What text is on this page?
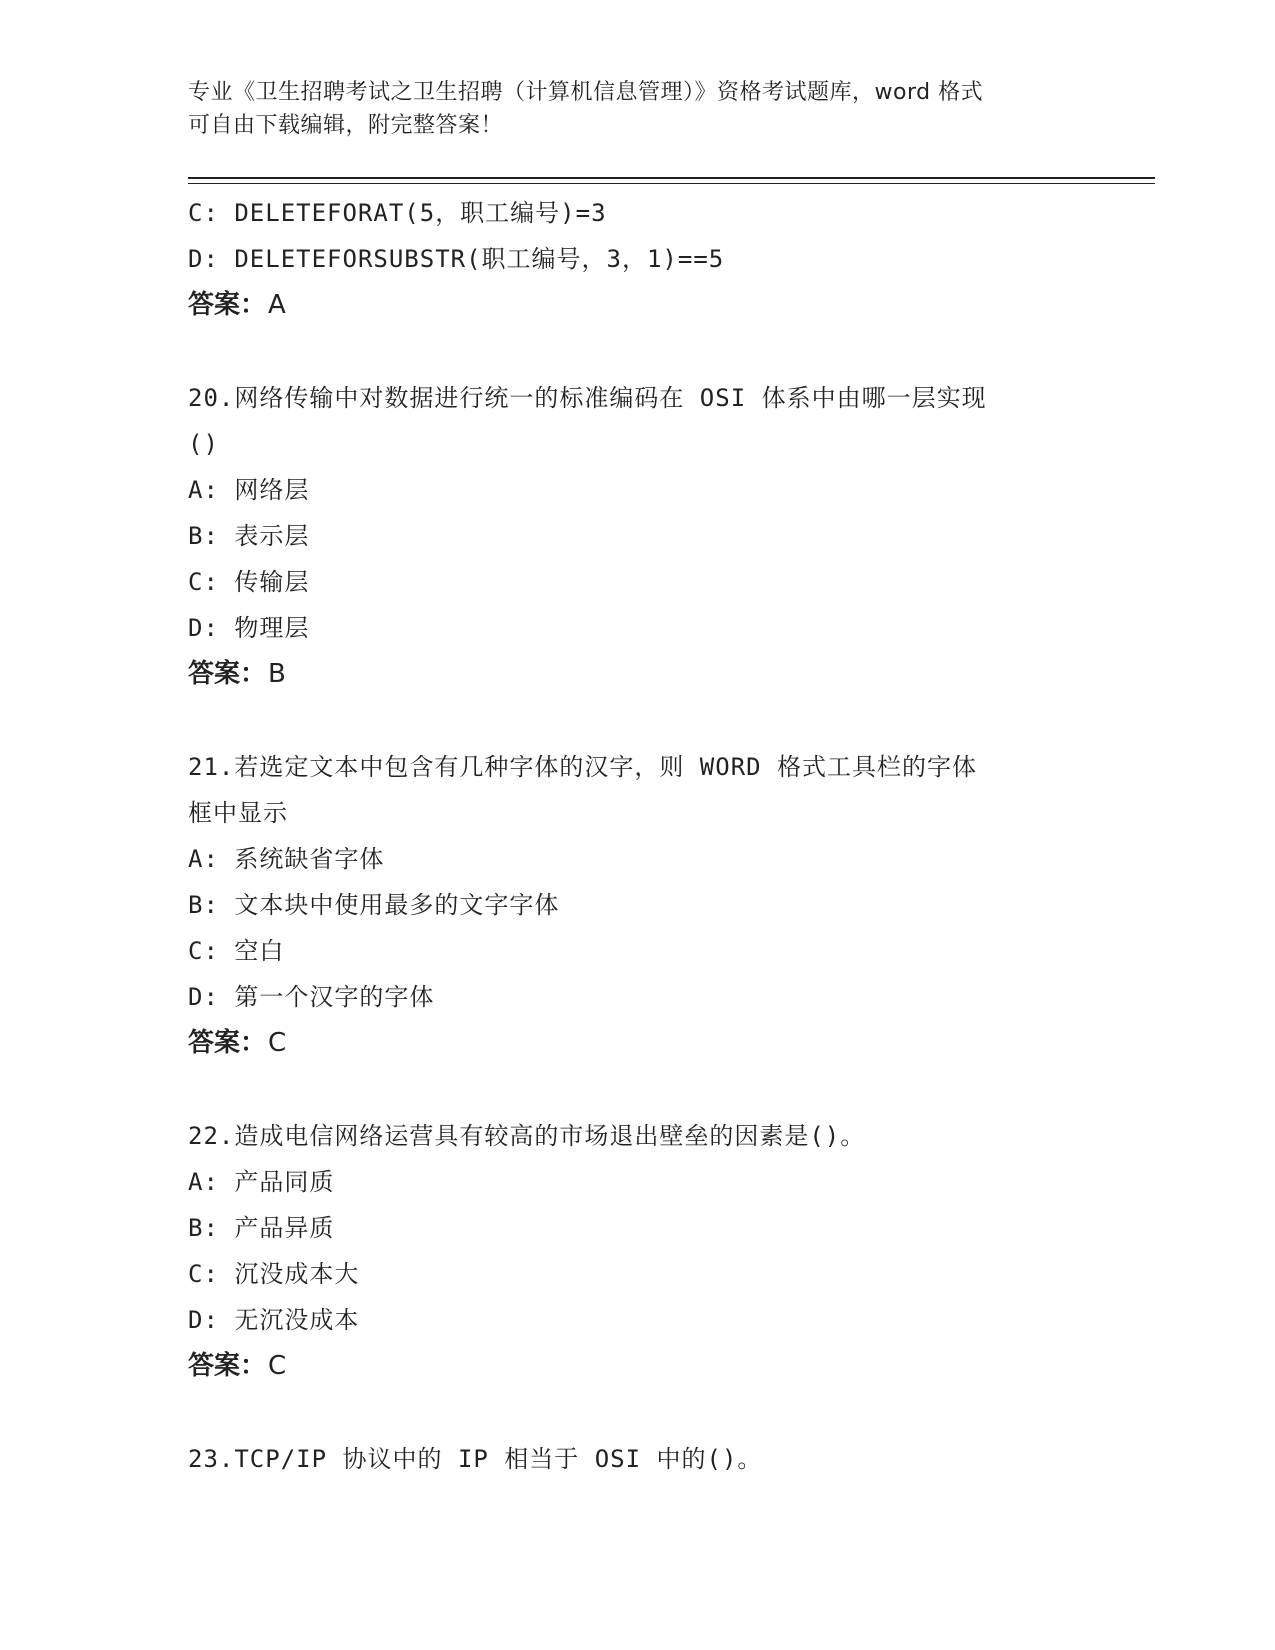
专业《卫生招聘考试之卫生招聘（计算机信息管理）》资格考试题库，word 格式
可自由下载编辑，附完整答案！
C: DELETEFORAT(5，职工编号)=3
D: DELETEFORSUBSTR(职工编号，3，1)==5
答案：A
20.网络传输中对数据进行统一的标准编码在 OSI 体系中由哪一层实现
()
A: 网络层
B: 表示层
C: 传输层
D: 物理层
答案：B
21.若选定文本中包含有几种字体的汉字，则 WORD 格式工具栏的字体
框中显示
A: 系统缺省字体
B: 文本块中使用最多的文字字体
C: 空白
D: 第一个汉字的字体
答案：C
22.造成电信网络运营具有较高的市场退出壁垒的因素是()。
A: 产品同质
B: 产品异质
C: 沉没成本大
D: 无沉没成本
答案：C
23.TCP/IP 协议中的 IP 相当于 OSI 中的()。
